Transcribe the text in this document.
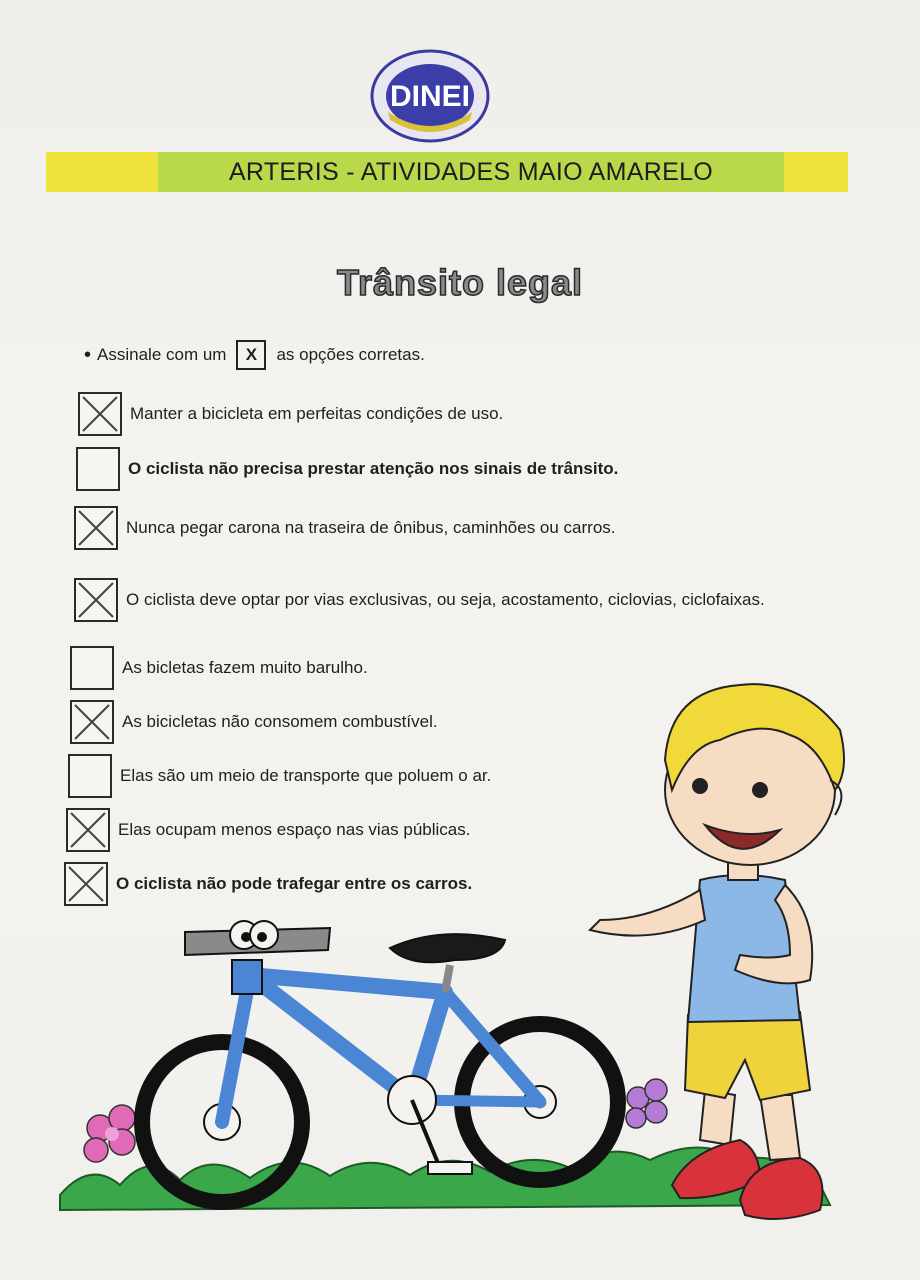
DINEI
ARTERIS - ATIVIDADES MAIO AMARELO
Trânsito legal
• Assinale com um	X	as opções corretas.
Manter a bicicleta em perfeitas condições de uso.
O ciclista não precisa prestar atenção nos sinais de trânsito.
Nunca pegar carona na traseira de ônibus, caminhões ou carros.
O ciclista deve optar por vias exclusivas, ou seja, acostamento, ciclovias, ciclofaixas.
As bicletas fazem muito barulho.
As bicicletas não consomem combustível.
Elas são um meio de transporte que poluem o ar.
Elas ocupam menos espaço nas vias públicas.
O ciclista não pode trafegar entre os carros.
